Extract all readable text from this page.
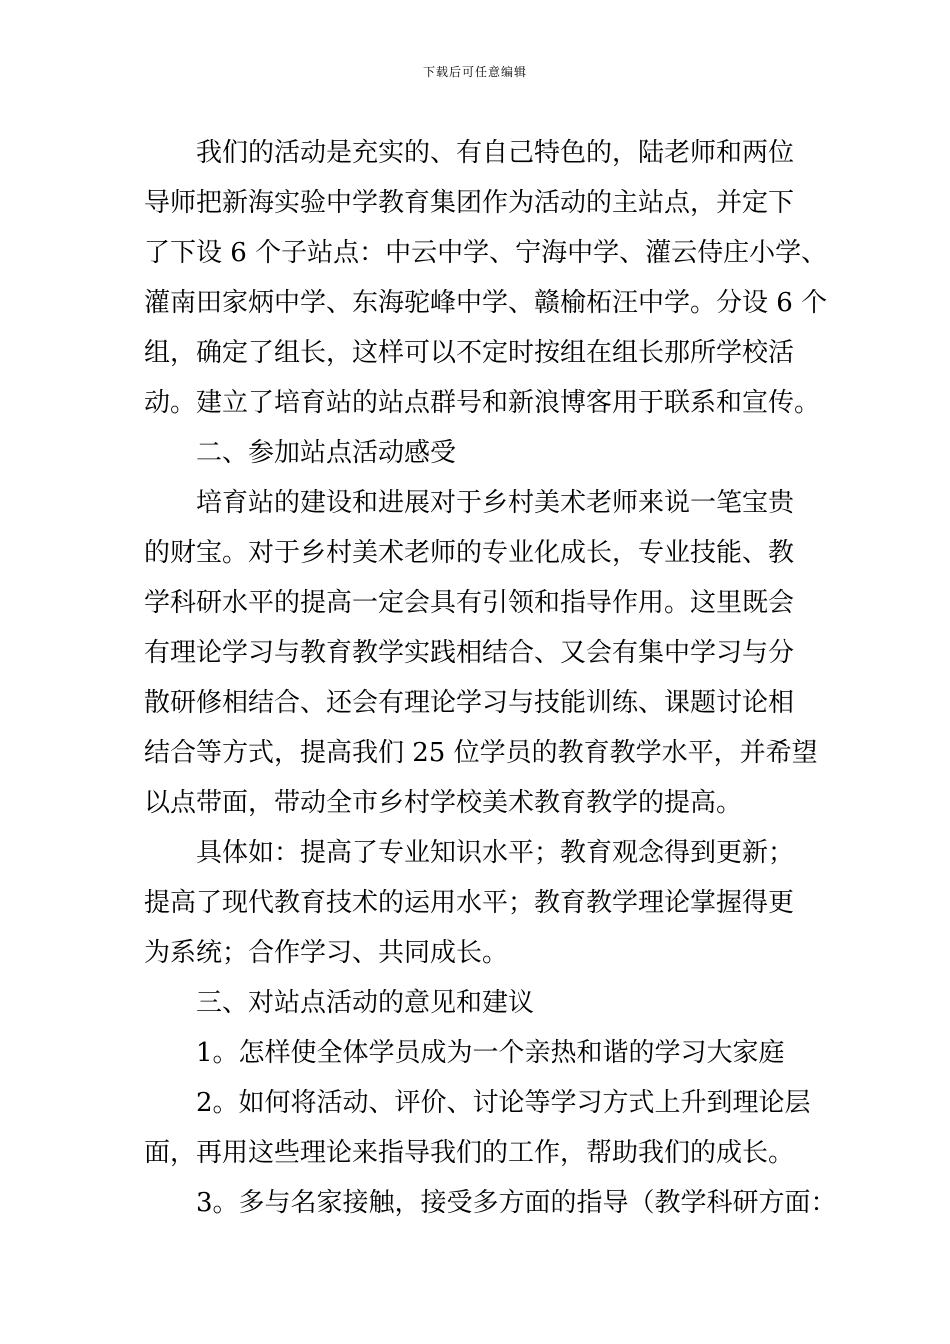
下载后可任意编辑
我们的活动是充实的、有自己特色的，陆老师和两位
导师把新海实验中学教育集团作为活动的主站点，并定下
了下设 6 个子站点：中云中学、宁海中学、灌云侍庄小学、
灌南田家炳中学、东海驼峰中学、赣榆柘汪中学。分设 6 个
组，确定了组长，这样可以不定时按组在组长那所学校活
动。建立了培育站的站点群号和新浪博客用于联系和宣传。
二、参加站点活动感受
培育站的建设和进展对于乡村美术老师来说一笔宝贵
的财宝。对于乡村美术老师的专业化成长，专业技能、教
学科研水平的提高一定会具有引领和指导作用。这里既会
有理论学习与教育教学实践相结合、又会有集中学习与分
散研修相结合、还会有理论学习与技能训练、课题讨论相
结合等方式，提高我们 25 位学员的教育教学水平，并希望
以点带面，带动全市乡村学校美术教育教学的提高。
具体如：提高了专业知识水平；教育观念得到更新；
提高了现代教育技术的运用水平；教育教学理论掌握得更
为系统；合作学习、共同成长。
三、对站点活动的意见和建议
1。怎样使全体学员成为一个亲热和谐的学习大家庭
2。如何将活动、评价、讨论等学习方式上升到理论层
面，再用这些理论来指导我们的工作，帮助我们的成长。
3。多与名家接触，接受多方面的指导（教学科研方面：
